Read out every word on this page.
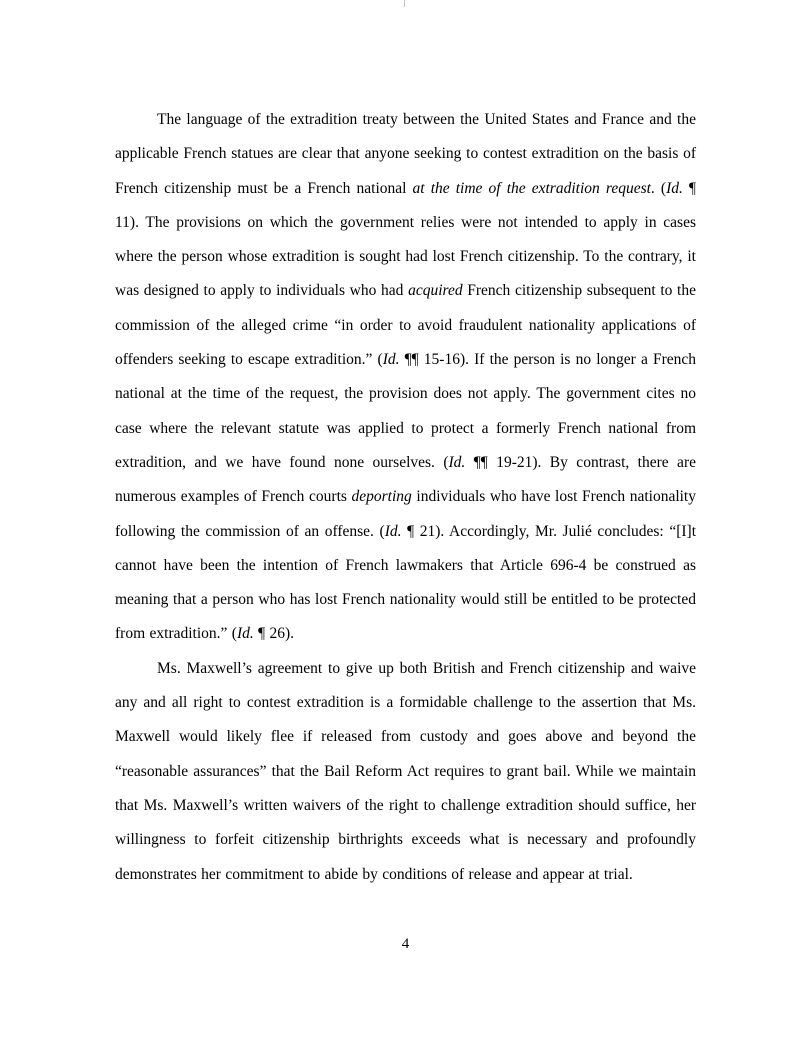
The language of the extradition treaty between the United States and France and the applicable French statues are clear that anyone seeking to contest extradition on the basis of French citizenship must be a French national at the time of the extradition request. (Id. ¶ 11). The provisions on which the government relies were not intended to apply in cases where the person whose extradition is sought had lost French citizenship. To the contrary, it was designed to apply to individuals who had acquired French citizenship subsequent to the commission of the alleged crime “in order to avoid fraudulent nationality applications of offenders seeking to escape extradition.” (Id. ¶¶ 15-16). If the person is no longer a French national at the time of the request, the provision does not apply. The government cites no case where the relevant statute was applied to protect a formerly French national from extradition, and we have found none ourselves. (Id. ¶¶ 19-21). By contrast, there are numerous examples of French courts deporting individuals who have lost French nationality following the commission of an offense. (Id. ¶ 21). Accordingly, Mr. Julié concludes: “[I]t cannot have been the intention of French lawmakers that Article 696-4 be construed as meaning that a person who has lost French nationality would still be entitled to be protected from extradition.” (Id. ¶ 26).

Ms. Maxwell’s agreement to give up both British and French citizenship and waive any and all right to contest extradition is a formidable challenge to the assertion that Ms. Maxwell would likely flee if released from custody and goes above and beyond the “reasonable assurances” that the Bail Reform Act requires to grant bail. While we maintain that Ms. Maxwell’s written waivers of the right to challenge extradition should suffice, her willingness to forfeit citizenship birthrights exceeds what is necessary and profoundly demonstrates her commitment to abide by conditions of release and appear at trial.

4
